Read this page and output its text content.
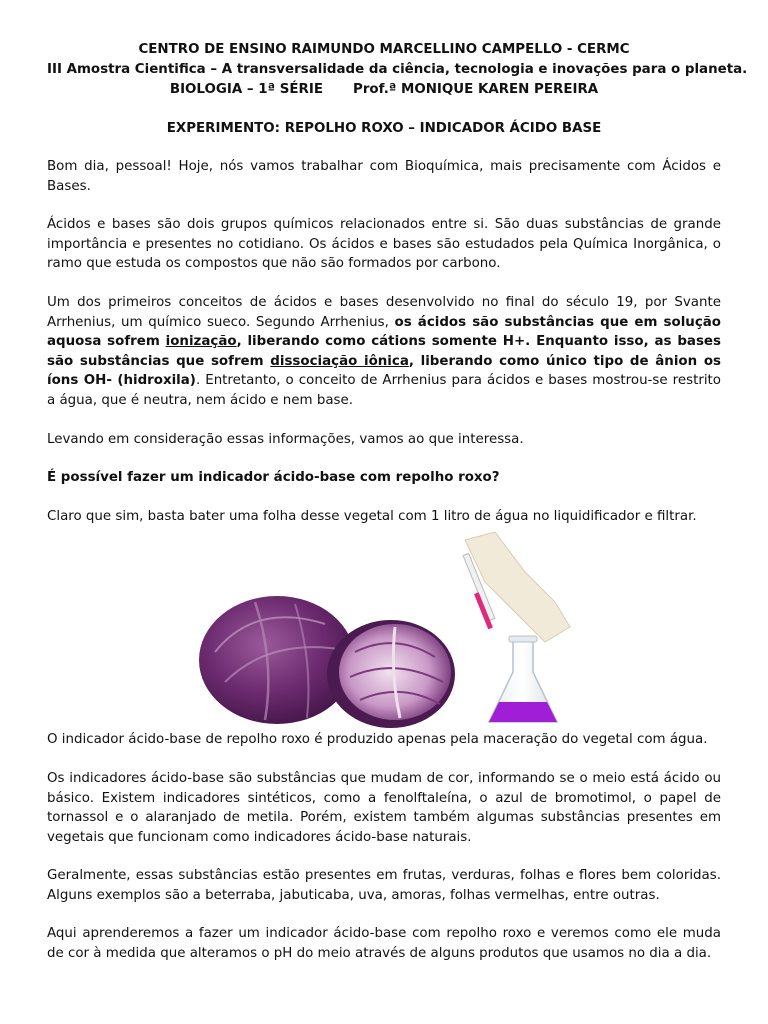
CENTRO DE ENSINO RAIMUNDO MARCELLINO CAMPELLO - CERMC
III Amostra Cientifica – A transversalidade da ciência, tecnologia e inovações para o planeta.
BIOLOGIA – 1ª SÉRIE Prof.ª MONIQUE KAREN PEREIRA
EXPERIMENTO: REPOLHO ROXO – INDICADOR ÁCIDO BASE

Bom dia, pessoal! Hoje, nós vamos trabalhar com Bioquímica, mais precisamente com Ácidos e Bases.

Ácidos e bases são dois grupos químicos relacionados entre si. São duas substâncias de grande importância e presentes no cotidiano. Os ácidos e bases são estudados pela Química Inorgânica, o ramo que estuda os compostos que não são formados por carbono.

Um dos primeiros conceitos de ácidos e bases desenvolvido no final do século 19, por Svante Arrhenius, um químico sueco. Segundo Arrhenius, os ácidos são substâncias que em solução aquosa sofrem ionização, liberando como cátions somente H+. Enquanto isso, as bases são substâncias que sofrem dissociação iônica, liberando como único tipo de ânion os íons OH- (hidroxila). Entretanto, o conceito de Arrhenius para ácidos e bases mostrou-se restrito a água, que é neutra, nem ácido e nem base.

Levando em consideração essas informações, vamos ao que interessa.

É possível fazer um indicador ácido-base com repolho roxo?

Claro que sim, basta bater uma folha desse vegetal com 1 litro de água no liquidificador e filtrar.

O indicador ácido-base de repolho roxo é produzido apenas pela maceração do vegetal com água.

Os indicadores ácido-base são substâncias que mudam de cor, informando se o meio está ácido ou básico. Existem indicadores sintéticos, como a fenolftaleína, o azul de bromotimol, o papel de tornassol e o alaranjado de metila. Porém, existem também algumas substâncias presentes em vegetais que funcionam como indicadores ácido-base naturais.

Geralmente, essas substâncias estão presentes em frutas, verduras, folhas e flores bem coloridas. Alguns exemplos são a beterraba, jabuticaba, uva, amoras, folhas vermelhas, entre outras.

Aqui aprenderemos a fazer um indicador ácido-base com repolho roxo e veremos como ele muda de cor à medida que alteramos o pH do meio através de alguns produtos que usamos no dia a dia.
